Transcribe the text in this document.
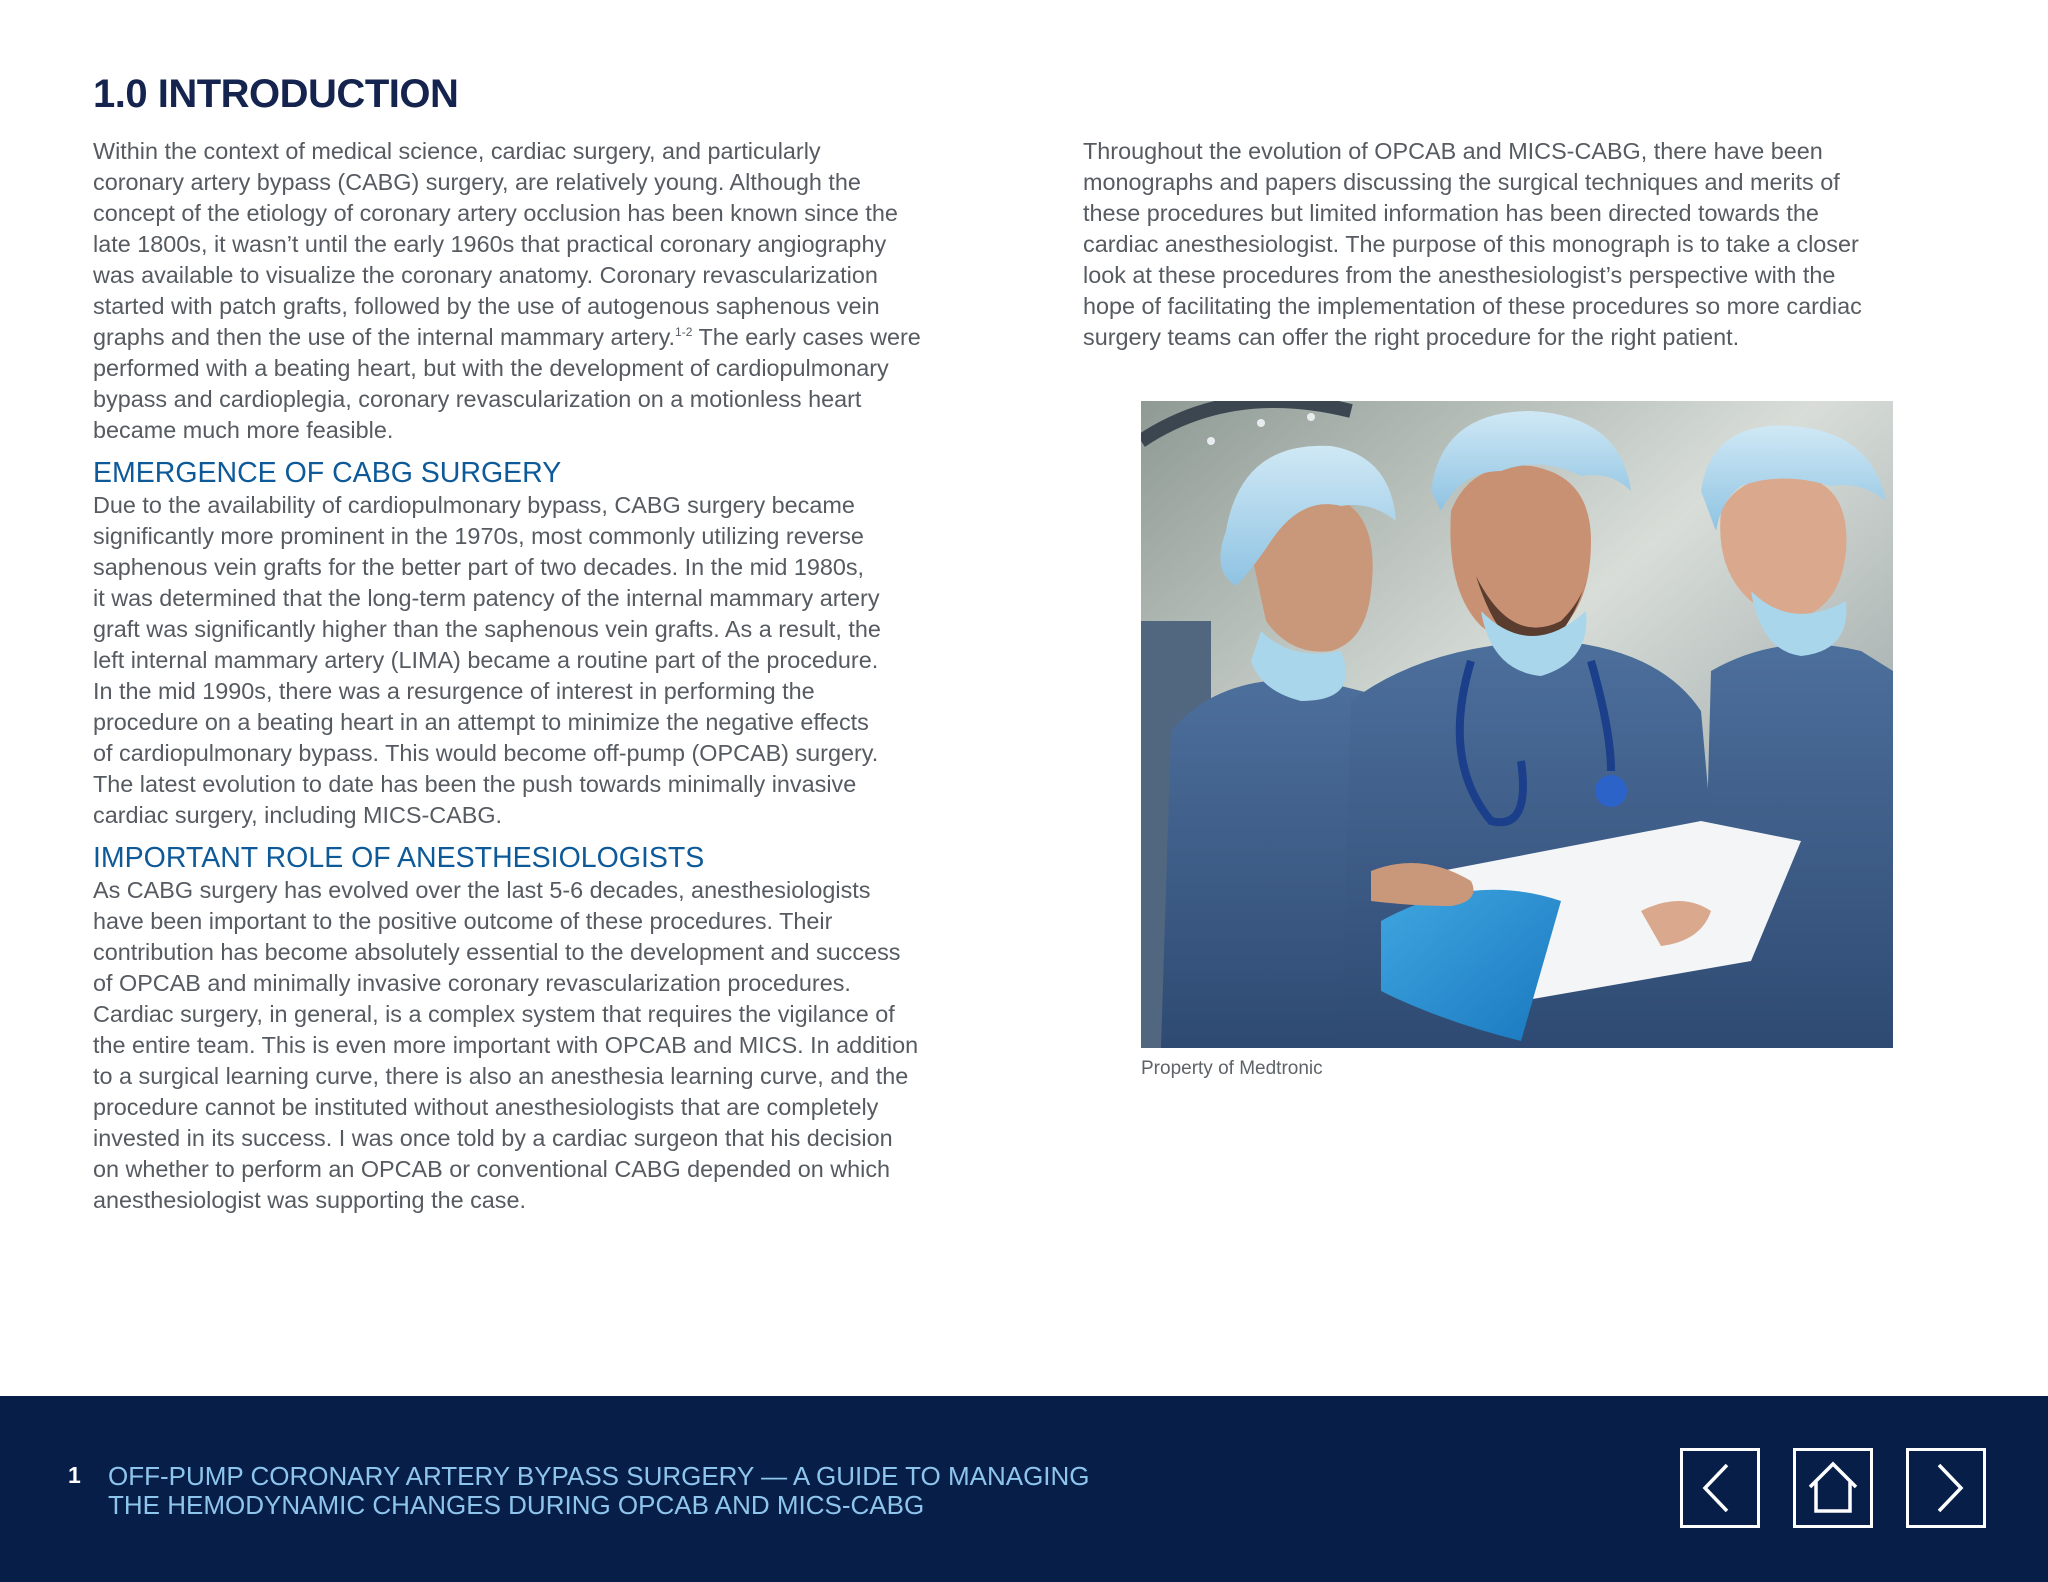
1.0 INTRODUCTION

Within the context of medical science, cardiac surgery, and particularly

coronary artery bypass (CABG) surgery, are relatively young. Although the

concept of the etiology of coronary artery occlusion has been known since the

late 1800s, it wasn’t until the early 1960s that practical coronary angiography

was available to visualize the coronary anatomy. Coronary revascularization

started with patch grafts, followed by the use of autogenous saphenous vein

graphs and then the use of the internal mammary artery.$^{1-2}$ The early cases were

performed with a beating heart, but with the development of cardiopulmonary

bypass and cardioplegia, coronary revascularization on a motionless heart

became much more feasible.

EMERGENCE OF CABG SURGERY

Due to the availability of cardiopulmonary bypass, CABG surgery became

significantly more prominent in the 1970s, most commonly utilizing reverse

saphenous vein grafts for the better part of two decades. In the mid 1980s,

it was determined that the long-term patency of the internal mammary artery

graft was significantly higher than the saphenous vein grafts. As a result, the

left internal mammary artery (LIMA) became a routine part of the procedure.

In the mid 1990s, there was a resurgence of interest in performing the

procedure on a beating heart in an attempt to minimize the negative effects

of cardiopulmonary bypass. This would become off-pump (OPCAB) surgery.

The latest evolution to date has been the push towards minimally invasive

cardiac surgery, including MICS-CABG.

IMPORTANT ROLE OF ANESTHESIOLOGISTS

As CABG surgery has evolved over the last 5-6 decades, anesthesiologists

have been important to the positive outcome of these procedures. Their

contribution has become absolutely essential to the development and success

of OPCAB and minimally invasive coronary revascularization procedures.

Cardiac surgery, in general, is a complex system that requires the vigilance of

the entire team. This is even more important with OPCAB and MICS. In addition

to a surgical learning curve, there is also an anesthesia learning curve, and the

procedure cannot be instituted without anesthesiologists that are completely

invested in its success. I was once told by a cardiac surgeon that his decision

on whether to perform an OPCAB or conventional CABG depended on which

anesthesiologist was supporting the case.

Throughout the evolution of OPCAB and MICS-CABG, there have been

monographs and papers discussing the surgical techniques and merits of

these procedures but limited information has been directed towards the

cardiac anesthesiologist. The purpose of this monograph is to take a closer

look at these procedures from the anesthesiologist’s perspective with the

hope of facilitating the implementation of these procedures so more cardiac

surgery teams can offer the right procedure for the right patient.

Property of Medtronic
1 OFF-PUMP CORONARY ARTERY BYPASS SURGERY — A GUIDE TO MANAGING
THE HEMODYNAMIC CHANGES DURING OPCAB AND MICS-CABG
